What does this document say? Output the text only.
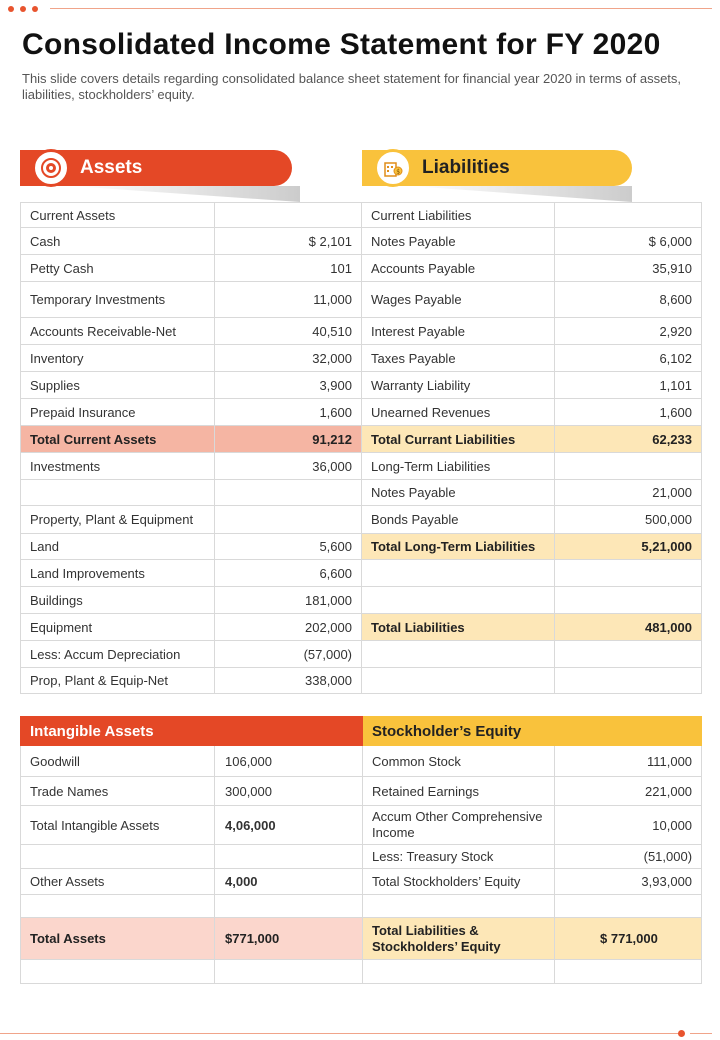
Consolidated Income Statement for FY 2020

This slide covers details regarding consolidated balance sheet statement for financial year 2020 in terms of assets, liabilities, stockholders’ equity.

Assets	$ Liabilities
Current Assets		Current Liabilities	
Cash	$ 2,101	Notes Payable	$ 6,000
Petty Cash	101	Accounts Payable	35,910
Temporary Investments	11,000	Wages Payable	8,600
Accounts Receivable-Net	40,510	Interest Payable	2,920
Inventory	32,000	Taxes Payable	6,102
Supplies	3,900	Warranty Liability	1,101
Prepaid Insurance	1,600	Unearned Revenues	1,600
Total Current Assets	91,212	Total Currant Liabilities	62,233
Investments	36,000	Long-Term Liabilities	
		Notes Payable	21,000
Property, Plant & Equipment		Bonds Payable	500,000
Land	5,600	Total Long-Term Liabilities	5,21,000
Land Improvements	6,600		
Buildings	181,000		
Equipment	202,000	Total Liabilities	481,000
Less: Accum Depreciation	(57,000)		
Prop, Plant & Equip-Net	338,000		
Intangible Assets		Stockholder’s Equity	
Goodwill	106,000	Common Stock	111,000
Trade Names	300,000	Retained Earnings	221,000
Total Intangible Assets	4,06,000	Accum Other Comprehensive Income	10,000
		Less: Treasury Stock	(51,000)
Other Assets	4,000	Total Stockholders’ Equity	3,93,000

Total Assets	$771,000	Total Liabilities & Stockholders’ Equity	$ 771,000
